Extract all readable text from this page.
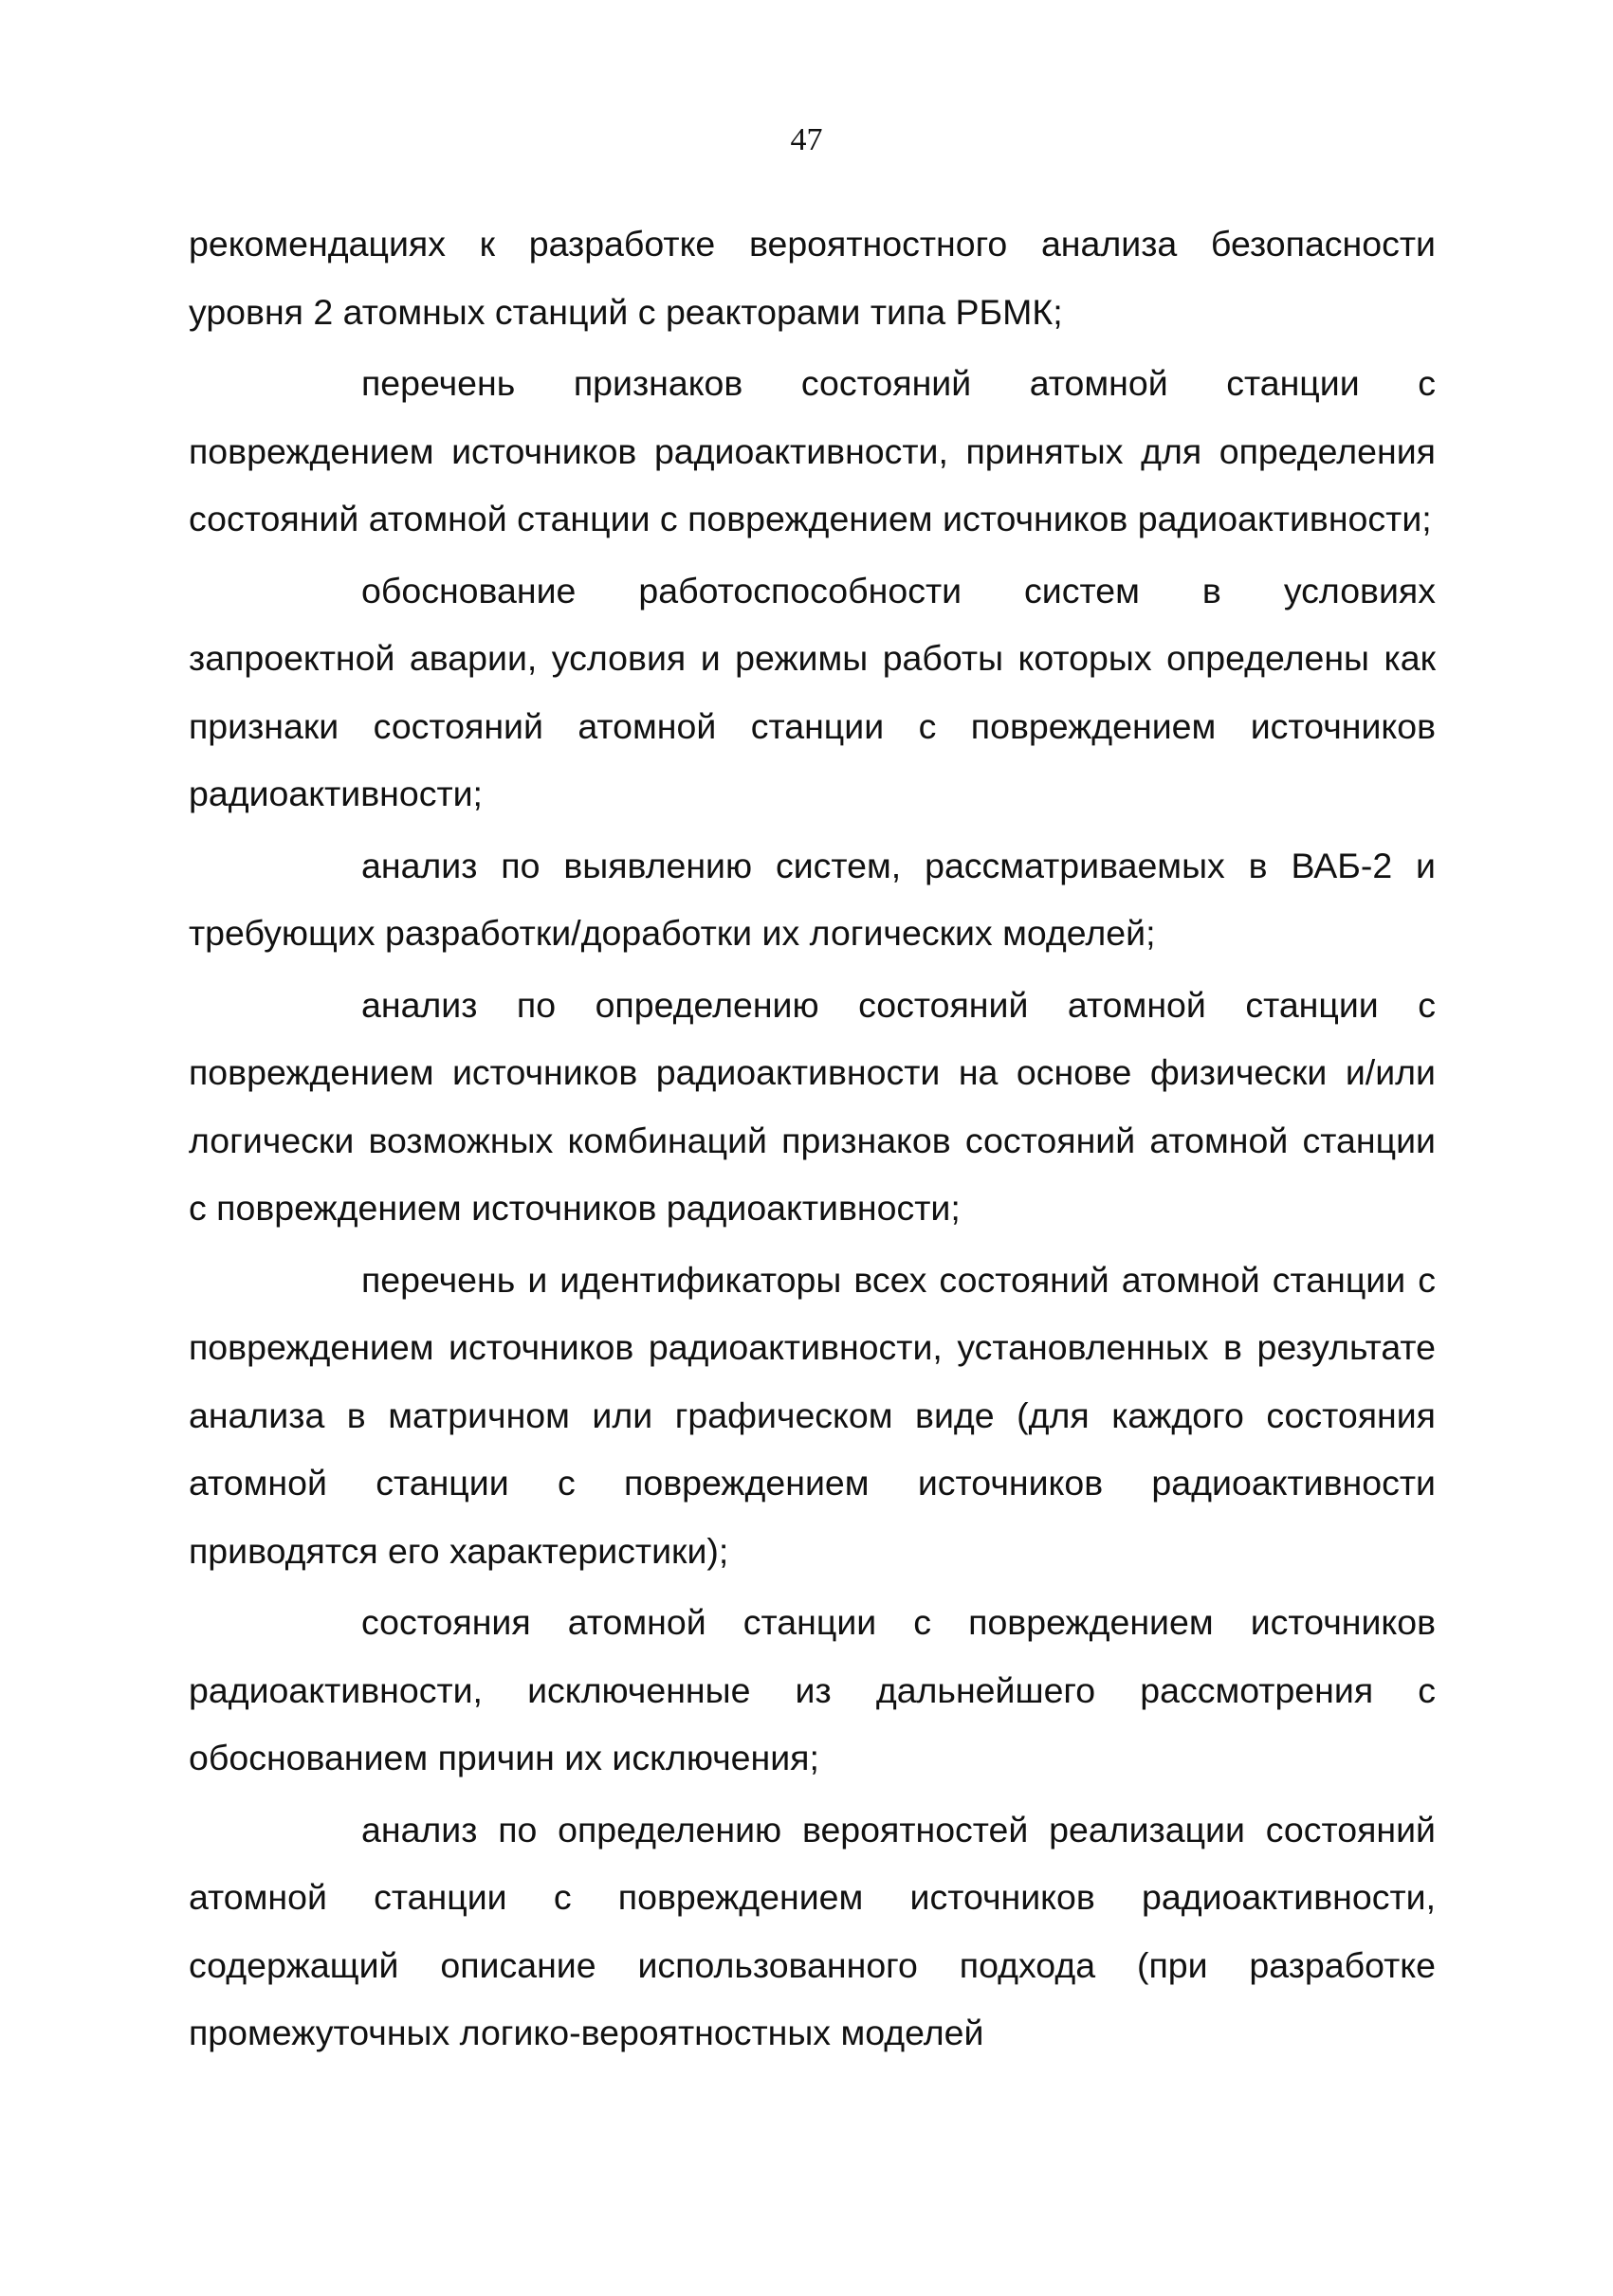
47

рекомендациях к разработке вероятностного анализа безопасности уровня 2 атомных станций с реакторами типа РБМК;

перечень признаков состояний атомной станции с повреждением источников радиоактивности, принятых для определения состояний атомной станции с повреждением источников радиоактивности;

обоснование работоспособности систем в условиях запроектной аварии, условия и режимы работы которых определены как признаки состояний атомной станции с повреждением источников радиоактивности;

анализ по выявлению систем, рассматриваемых в ВАБ-2 и требующих разработки/доработки их логических моделей;

анализ по определению состояний атомной станции с повреждением источников радиоактивности на основе физически и/или логически возможных комбинаций признаков состояний атомной станции с повреждением источников радиоактивности;

перечень и идентификаторы всех состояний атомной станции с повреждением источников радиоактивности, установленных в результате анализа в матричном или графическом виде (для каждого состояния атомной станции с повреждением источников радиоактивности приводятся его характеристики);

состояния атомной станции с повреждением источников радиоактивности, исключенные из дальнейшего рассмотрения с обоснованием причин их исключения;

анализ по определению вероятностей реализации состояний атомной станции с повреждением источников радиоактивности, содержащий описание использованного подхода (при разработке промежуточных логико-вероятностных моделей
